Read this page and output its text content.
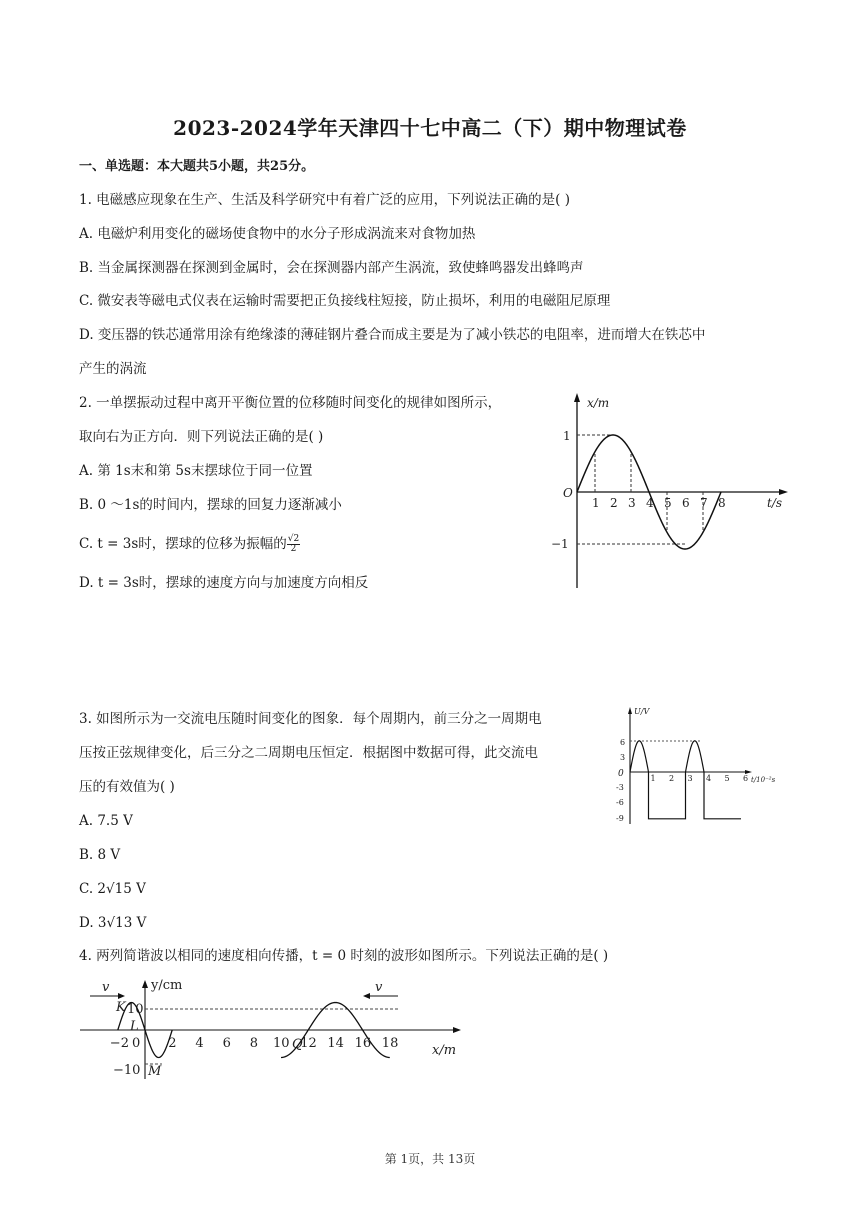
2023-2024学年天津四十七中高二（下）期中物理试卷
一、单选题：本大题共5小题，共25分。
1. 电磁感应现象在生产、生活及科学研究中有着广泛的应用，下列说法正确的是( )
A. 电磁炉利用变化的磁场使食物中的水分子形成涡流来对食物加热
B. 当金属探测器在探测到金属时，会在探测器内部产生涡流，致使蜂鸣器发出蜂鸣声
C. 微安表等磁电式仪表在运输时需要把正负接线柱短接，防止损坏，利用的电磁阻尼原理
D. 变压器的铁芯通常用涂有绝缘漆的薄硅钢片叠合而成主要是为了减小铁芯的电阻率，进而增大在铁芯中
产生的涡流
2. 一单摆振动过程中离开平衡位置的位移随时间变化的规律如图所示，
取向右为正方向．则下列说法正确的是( )
A. 第 1s末和第 5s末摆球位于同一位置
B. 0 ～1s的时间内，摆球的回复力逐渐减小
C. t = 3s时，摆球的位移为振幅的 $\frac{√2}{2}$
D. t = 3s时，摆球的速度方向与加速度方向相反
x/m
t/s
O
1
−1
1 2 3 4 5 6 7 8
3. 如图所示为一交流电压随时间变化的图象．每个周期内，前三分之一周期电
压按正弦规律变化，后三分之二周期电压恒定．根据图中数据可得，此交流电
压的有效值为( )
A. 7.5 V
B. 8 V
C. 2√15 V
D. 3√13 V
U/V
t/10⁻²s
0
6
3
-3
-6
-9
1 2 3 4 5 6
4. 两列简谐波以相同的速度相向传播，t = 0 时刻的波形如图所示。下列说法正确的是( )
y/cm
x/m
10
−10
K
L
M
Q
v	v
−2 0 2 4 6 8 10 12 14 16 18
第 1页，共 13页
